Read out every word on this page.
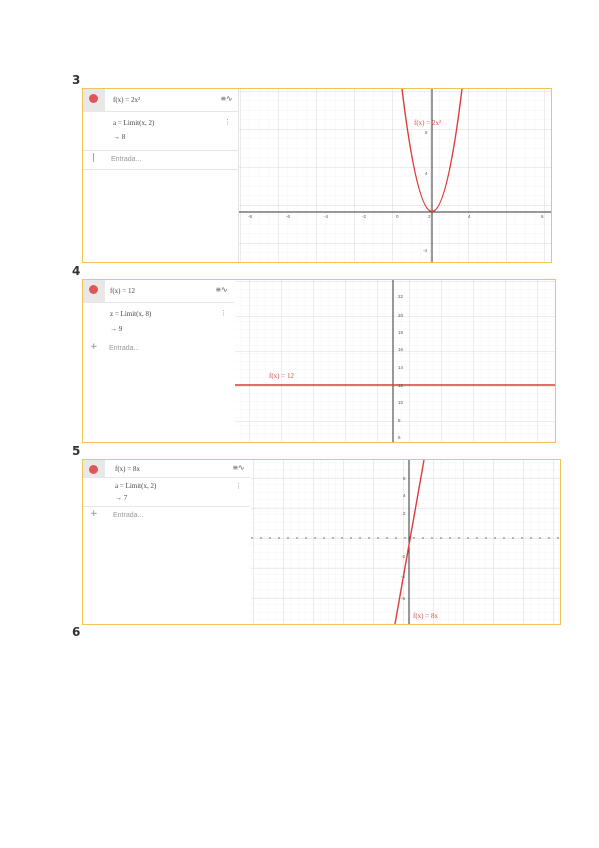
3
f(x) = 2x²	≡∿
a = Limit(x, 2)
→ 8
⋮
| Entrada...
f(x) = 2x²
-8	-6	-4	-2	0	2	4	6
8
4
-4
4
f(x) = 12	≡∿
z = Limit(x, 8)
→ 9
⋮
+ Entrada...
f(x) = 12
22
20
18
16
14
12
10
8
6
5
f(x) = 8x	≡∿
a = Limit(x, 2)
→ 7
⋮
+ Entrada...
f(x) = 8x
6
4
2
-2
-4
-6
6
